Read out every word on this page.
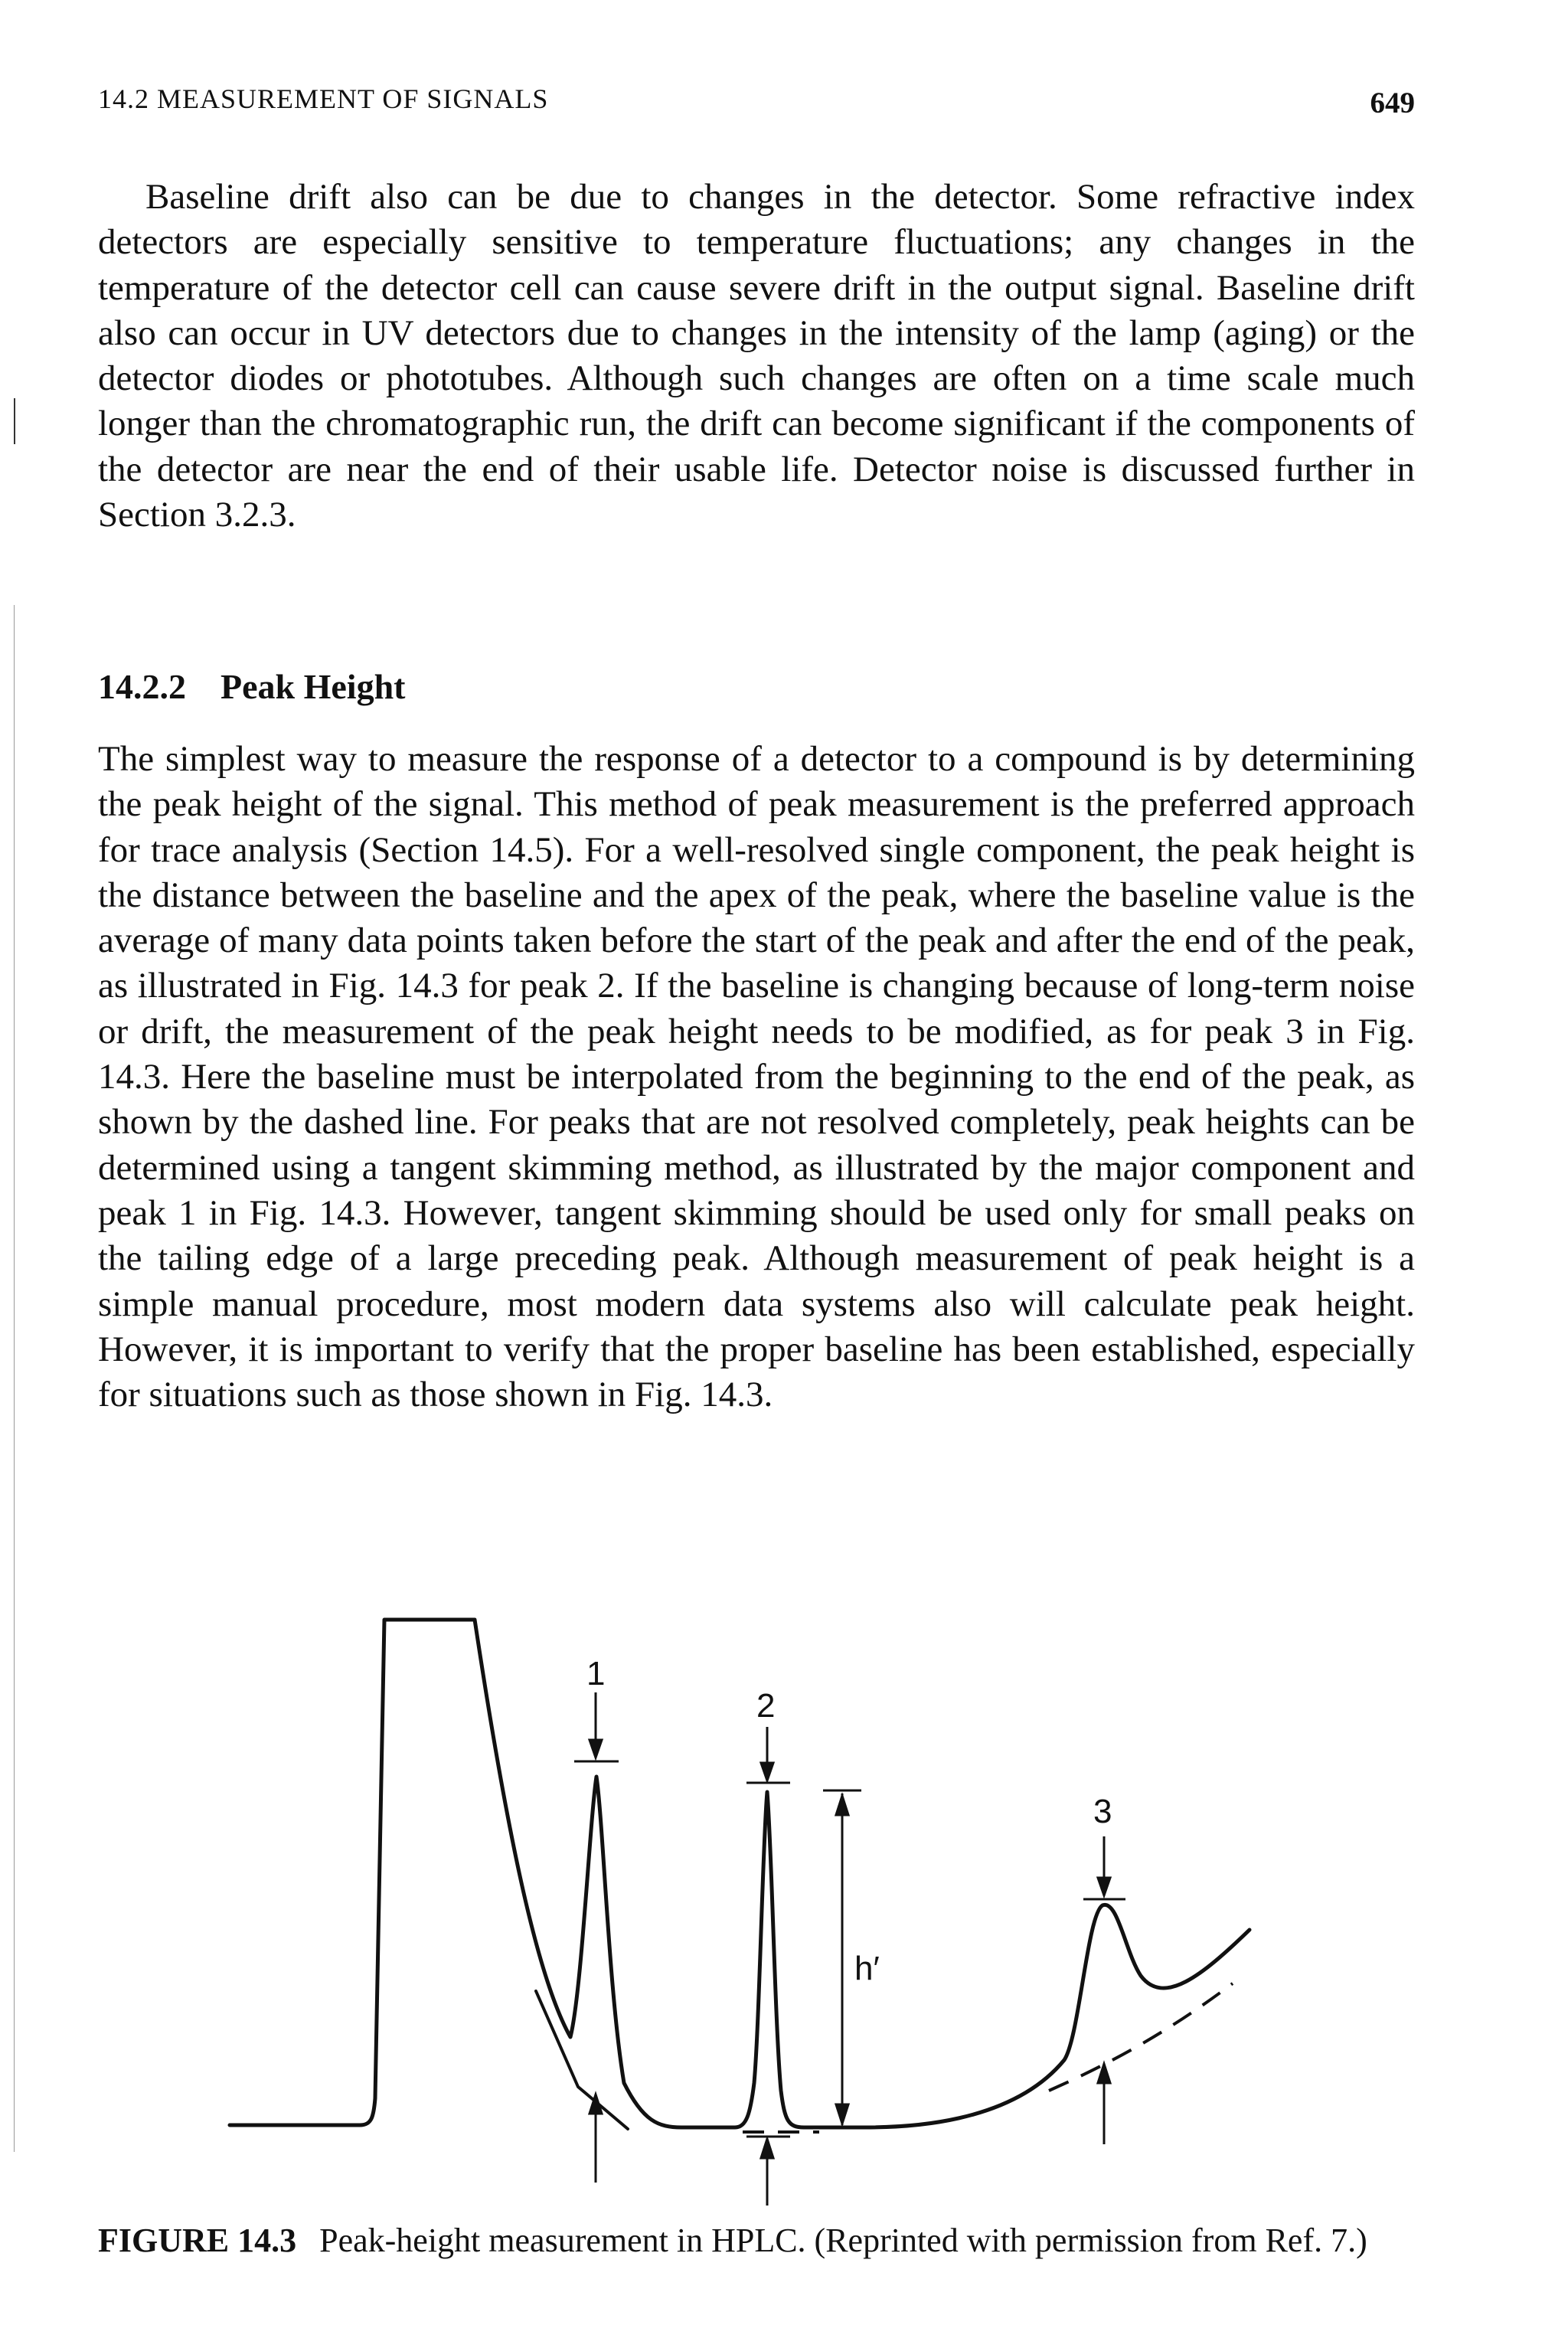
14.2 MEASUREMENT OF SIGNALS	649

Baseline drift also can be due to changes in the detector. Some refractive index detectors are especially sensitive to temperature fluctuations; any changes in the temperature of the detector cell can cause severe drift in the output signal. Baseline drift also can occur in UV detectors due to changes in the intensity of the lamp (aging) or the detector diodes or phototubes. Although such changes are often on a time scale much longer than the chromatographic run, the drift can become significant if the components of the detector are near the end of their usable life. Detector noise is discussed further in Section 3.2.3.

14.2.2 Peak Height

The simplest way to measure the response of a detector to a compound is by determining the peak height of the signal. This method of peak measurement is the preferred approach for trace analysis (Section 14.5). For a well-resolved single component, the peak height is the distance between the baseline and the apex of the peak, where the baseline value is the average of many data points taken before the start of the peak and after the end of the peak, as illustrated in Fig. 14.3 for peak 2. If the baseline is changing because of long-term noise or drift, the measurement of the peak height needs to be modified, as for peak 3 in Fig. 14.3. Here the baseline must be interpolated from the beginning to the end of the peak, as shown by the dashed line. For peaks that are not resolved completely, peak heights can be determined using a tangent skimming method, as illustrated by the major component and peak 1 in Fig. 14.3. However, tangent skimming should be used only for small peaks on the tailing edge of a large preceding peak. Although measurement of peak height is a simple manual procedure, most modern data systems also will calculate peak height. However, it is important to verify that the proper baseline has been established, especially for situations such as those shown in Fig. 14.3.

1
2
3
h′
FIGURE 14.3 Peak-height measurement in HPLC. (Reprinted with permission from Ref. 7.)
